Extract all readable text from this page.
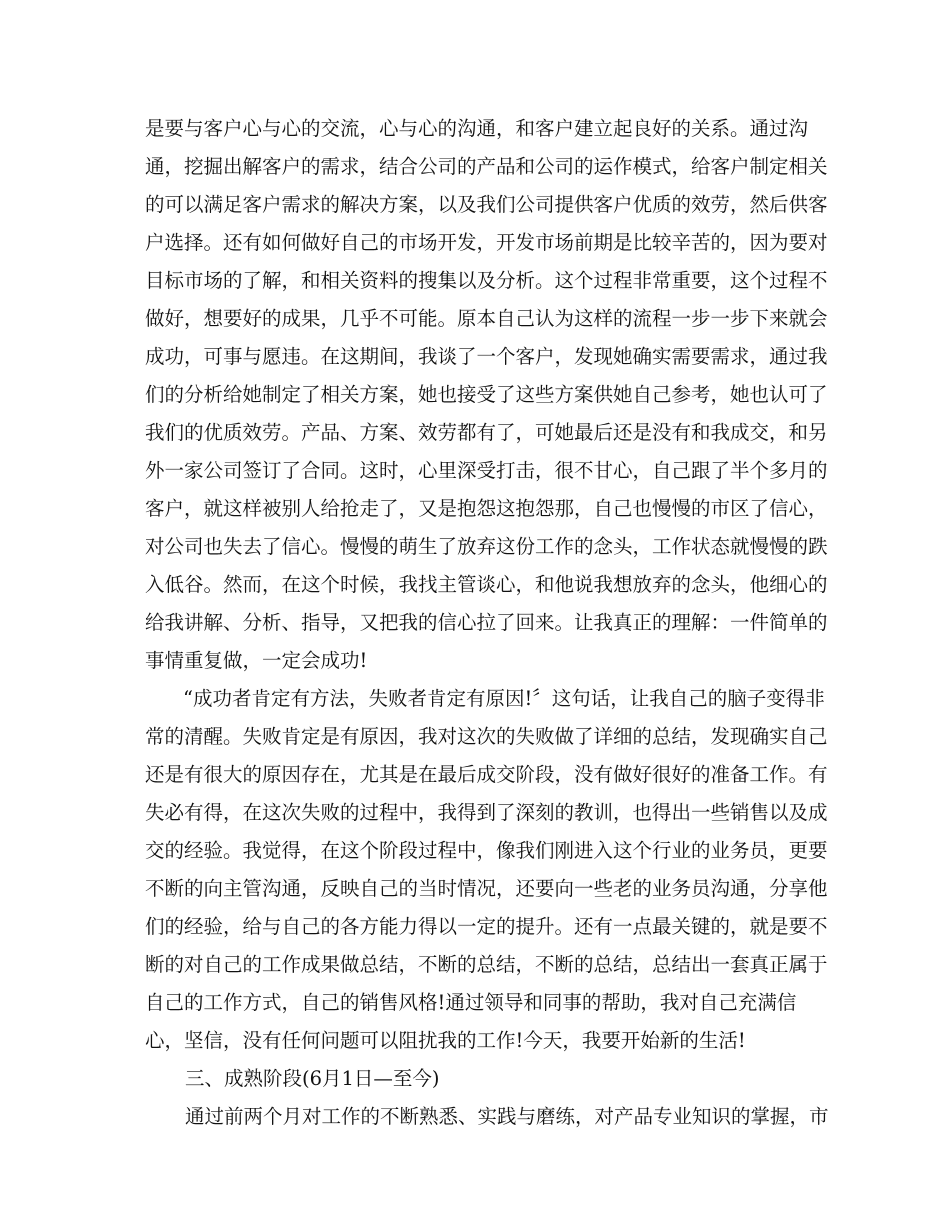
是要与客户心与心的交流，心与心的沟通，和客户建立起良好的关系。通过沟
通，挖掘出解客户的需求，结合公司的产品和公司的运作模式，给客户制定相关
的可以满足客户需求的解决方案，以及我们公司提供客户优质的效劳，然后供客
户选择。还有如何做好自己的市场开发，开发市场前期是比较辛苦的，因为要对
目标市场的了解，和相关资料的搜集以及分析。这个过程非常重要，这个过程不
做好，想要好的成果，几乎不可能。原本自己认为这样的流程一步一步下来就会
成功，可事与愿违。在这期间，我谈了一个客户，发现她确实需要需求，通过我
们的分析给她制定了相关方案，她也接受了这些方案供她自己参考，她也认可了
我们的优质效劳。产品、方案、效劳都有了，可她最后还是没有和我成交，和另
外一家公司签订了合同。这时，心里深受打击，很不甘心，自己跟了半个多月的
客户，就这样被别人给抢走了，又是抱怨这抱怨那，自己也慢慢的市区了信心，
对公司也失去了信心。慢慢的萌生了放弃这份工作的念头，工作状态就慢慢的跌
入低谷。然而，在这个时候，我找主管谈心，和他说我想放弃的念头，他细心的
给我讲解、分析、指导，又把我的信心拉了回来。让我真正的理解：一件简单的
事情重复做，一定会成功!
“成功者肯定有方法，失败者肯定有原因!〞这句话，让我自己的脑子变得非
常的清醒。失败肯定是有原因，我对这次的失败做了详细的总结，发现确实自己
还是有很大的原因存在，尤其是在最后成交阶段，没有做好很好的准备工作。有
失必有得，在这次失败的过程中，我得到了深刻的教训，也得出一些销售以及成
交的经验。我觉得，在这个阶段过程中，像我们刚进入这个行业的业务员，更要
不断的向主管沟通，反映自己的当时情况，还要向一些老的业务员沟通，分享他
们的经验，给与自己的各方能力得以一定的提升。还有一点最关键的，就是要不
断的对自己的工作成果做总结，不断的总结，不断的总结，总结出一套真正属于
自己的工作方式，自己的销售风格!通过领导和同事的帮助，我对自己充满信
心，坚信，没有任何问题可以阻扰我的工作!今天，我要开始新的生活!
三、成熟阶段(6月1日—至今)
通过前两个月对工作的不断熟悉、实践与磨练，对产品专业知识的掌握，市
